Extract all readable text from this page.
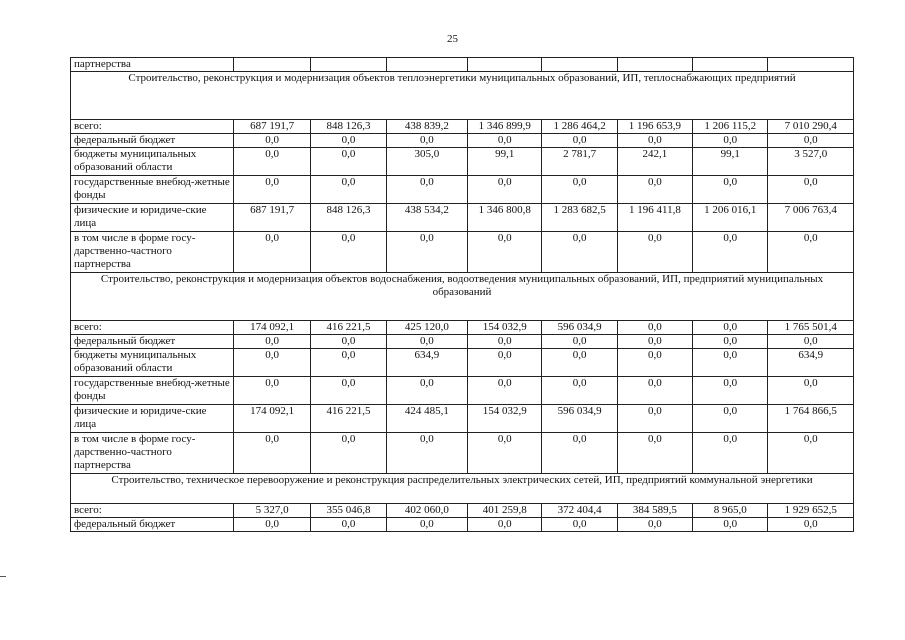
25
партнерства								
Строительство, реконструкция и модернизация объектов теплоэнергетики муниципальных образований, ИП, теплоснабжающих предприятий								
всего:	687 191,7	848 126,3	438 839,2	1 346 899,9	1 286 464,2	1 196 653,9	1 206 115,2	7 010 290,4
федеральный бюджет	0,0	0,0	0,0	0,0	0,0	0,0	0,0	0,0
бюджеты муниципальных образований области	0,0	0,0	305,0	99,1	2 781,7	242,1	99,1	3 527,0
государственные внебюд-жетные фонды	0,0	0,0	0,0	0,0	0,0	0,0	0,0	0,0
физические и юридиче-ские лица	687 191,7	848 126,3	438 534,2	1 346 800,8	1 283 682,5	1 196 411,8	1 206 016,1	7 006 763,4
в том числе в форме госу-дарственно-частного партнерства	0,0	0,0	0,0	0,0	0,0	0,0	0,0	0,0
Строительство, реконструкция и модернизация объектов водоснабжения, водоотведения муниципальных образований, ИП, предприятий муниципальных образований								
всего:	174 092,1	416 221,5	425 120,0	154 032,9	596 034,9	0,0	0,0	1 765 501,4
федеральный бюджет	0,0	0,0	0,0	0,0	0,0	0,0	0,0	0,0
бюджеты муниципальных образований области	0,0	0,0	634,9	0,0	0,0	0,0	0,0	634,9
государственные внебюд-жетные фонды	0,0	0,0	0,0	0,0	0,0	0,0	0,0	0,0
физические и юридиче-ские лица	174 092,1	416 221,5	424 485,1	154 032,9	596 034,9	0,0	0,0	1 764 866,5
в том числе в форме госу-дарственно-частного партнерства	0,0	0,0	0,0	0,0	0,0	0,0	0,0	0,0
Строительство, техническое перевооружение и реконструкция распределительных электрических сетей, ИП, предприятий коммунальной энергетики								
всего:	5 327,0	355 046,8	402 060,0	401 259,8	372 404,4	384 589,5	8 965,0	1 929 652,5
федеральный бюджет	0,0	0,0	0,0	0,0	0,0	0,0	0,0	0,0
